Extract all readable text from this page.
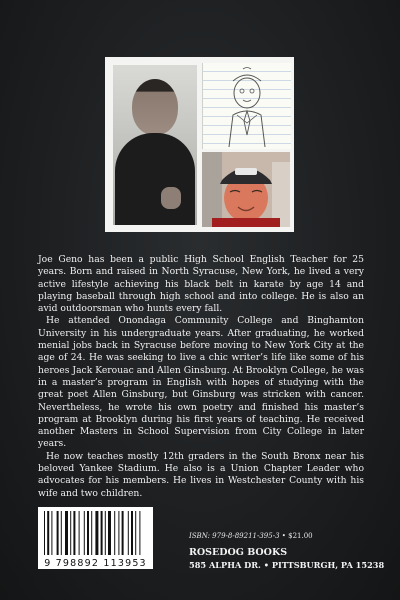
Joe Geno has been a public High School English Teacher for 25 years. Born and raised in North Syracuse, New York, he lived a very active lifestyle achieving his black belt in karate by age 14 and playing baseball through high school and into college. He is also an avid outdoorsman who hunts every fall.

He attended Onondaga Community College and Binghamton University in his undergraduate years. After graduating, he worked menial jobs back in Syracuse before moving to New York City at the age of 24. He was seeking to live a chic writer’s life like some of his heroes Jack Kerouac and Allen Ginsburg. At Brooklyn College, he was in a master’s program in English with hopes of studying with the great poet Allen Ginsburg, but Ginsburg was stricken with cancer. Nevertheless, he wrote his own poetry and finished his master’s program at Brooklyn during his first years of teaching. He received another Masters in School Supervision from City College in later years.

He now teaches mostly 12th graders in the South Bronx near his beloved Yankee Stadium. He also is a Union Chapter Leader who advocates for his members. He lives in Westchester County with his wife and two children.

9 798892 113953
ISBN: 979-8-89211-395-3 • $21.00
ROSEDOG BOOKS
585 ALPHA DR. • PITTSBURGH, PA 15238
